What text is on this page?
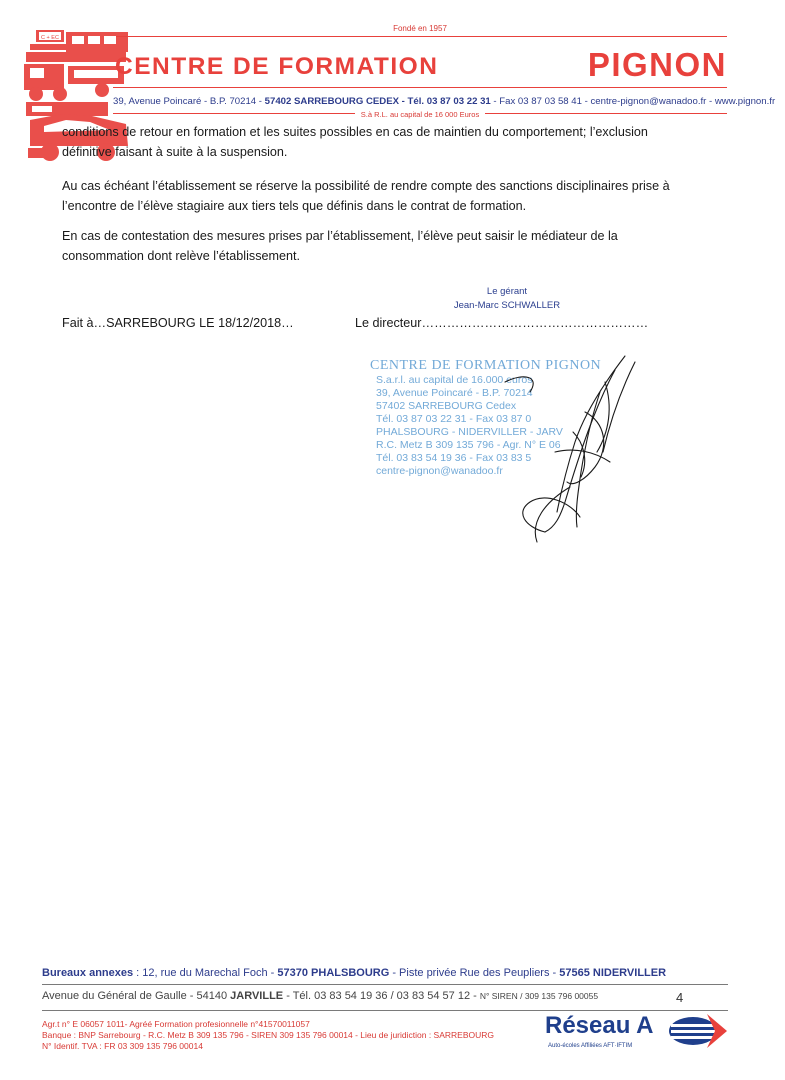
C + EC
Fondé en 1957
CENTRE DE FORMATION	PIGNON
39, Avenue Poincaré - B.P. 70214 - 57402 SARREBOURG CEDEX - Tél. 03 87 03 22 31 - Fax 03 87 03 58 41 - centre-pignon@wanadoo.fr - www.pignon.fr
S.à R.L. au capital de 16 000 Euros
conditions de retour en formation et les suites possibles en cas de maintien du comportement; l’exclusion
définitive faisant à suite à la suspension.
Au cas échéant l’établissement se réserve la possibilité de rendre compte des sanctions disciplinaires prise à
l’encontre de l’élève stagiaire aux tiers tels que définis dans le contrat de formation.
En cas de contestation des mesures prises par l’établissement, l’élève peut saisir le médiateur de la
consommation dont relève l’établissement.
Le gérant
Jean-Marc SCHWALLER
Fait à…SARREBOURG LE 18/12/2018…	Le directeur………………………………………………
CENTRE DE FORMATION PIGNON
S.a.r.l. au capital de 16.000 euros
39, Avenue Poincaré - B.P. 70214
57402 SARREBOURG Cedex
Tél. 03 87 03 22 31 - Fax 03 87 0
PHALSBOURG - NIDERVILLER - JARV
R.C. Metz B 309 135 796 - Agr. N° E 06
Tél. 03 83 54 19 36 - Fax 03 83 5
centre-pignon@wanadoo.fr
Bureaux annexes : 12, rue du Marechal Foch - 57370 PHALSBOURG - Piste privée Rue des Peupliers - 57565 NIDERVILLER
Avenue du Général de Gaulle - 54140 JARVILLE - Tél. 03 83 54 19 36 / 03 83 54 57 12 - N° SIREN / 309 135 796 00055	4
Agr.t n° E 06057 1011- Agréé Formation profesionnelle n°41570011057
Banque : BNP Sarrebourg - R.C. Metz B 309 135 796 - SIREN 309 135 796 00014 - Lieu de juridiction : SARREBOURG
N° Identif. TVA : FR 03 309 135 796 00014
Réseau A
Auto-écoles Affiliées AFT·IFTIM
